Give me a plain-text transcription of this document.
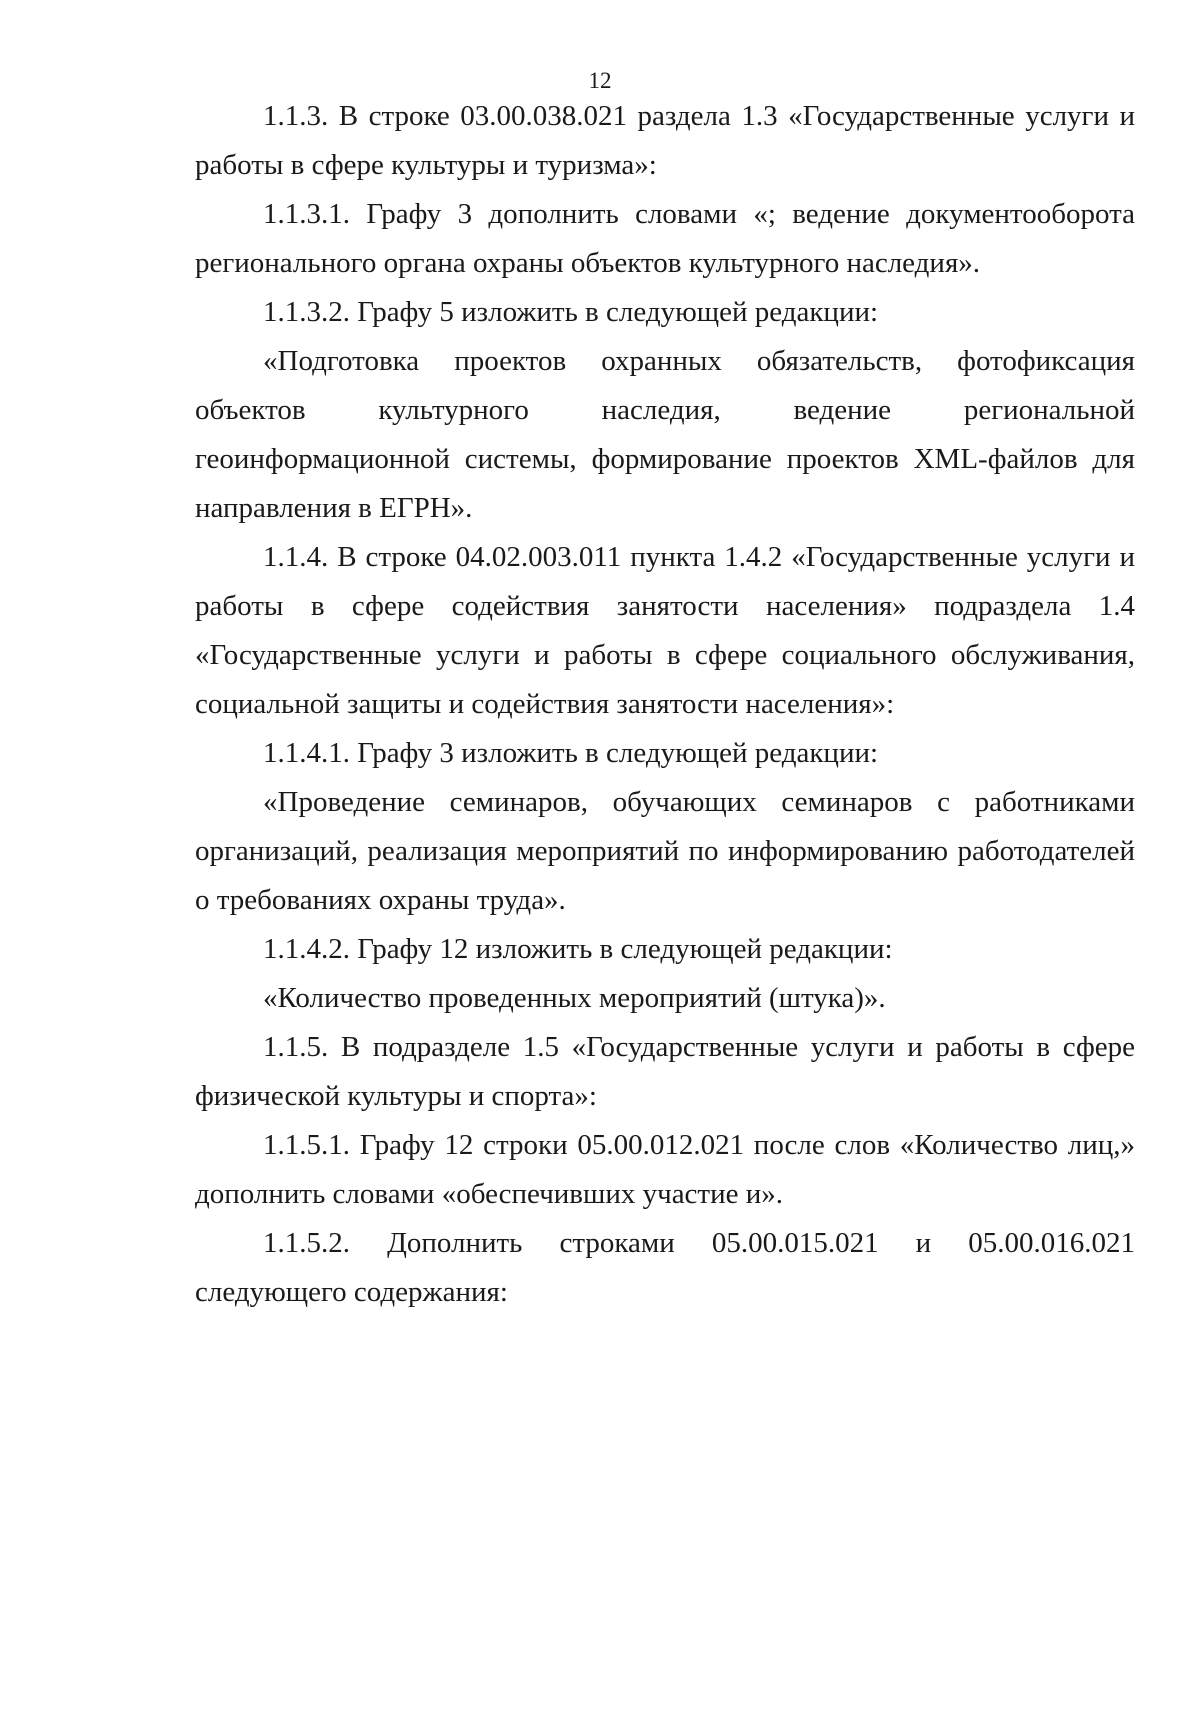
12

1.1.3. В строке 03.00.038.021 раздела 1.3 «Государственные услуги и работы в сфере культуры и туризма»:

1.1.3.1. Графу 3 дополнить словами «; ведение документооборота регионального органа охраны объектов культурного наследия».

1.1.3.2. Графу 5 изложить в следующей редакции:

«Подготовка проектов охранных обязательств, фотофиксация объектов культурного наследия, ведение региональной геоинформационной системы, формирование проектов XML-файлов для направления в ЕГРН».

1.1.4. В строке 04.02.003.011 пункта 1.4.2 «Государственные услуги и работы в сфере содействия занятости населения» подраздела 1.4 «Государственные услуги и работы в сфере социального обслуживания, социальной защиты и содействия занятости населения»:

1.1.4.1. Графу 3 изложить в следующей редакции:

«Проведение семинаров, обучающих семинаров с работниками организаций, реализация мероприятий по информированию работодателей о требованиях охраны труда».

1.1.4.2. Графу 12 изложить в следующей редакции:

«Количество проведенных мероприятий (штука)».

1.1.5. В подразделе 1.5 «Государственные услуги и работы в сфере физической культуры и спорта»:

1.1.5.1. Графу 12 строки 05.00.012.021 после слов «Количество лиц,» дополнить словами «обеспечивших участие и».

1.1.5.2. Дополнить строками 05.00.015.021 и 05.00.016.021 следующего содержания:
